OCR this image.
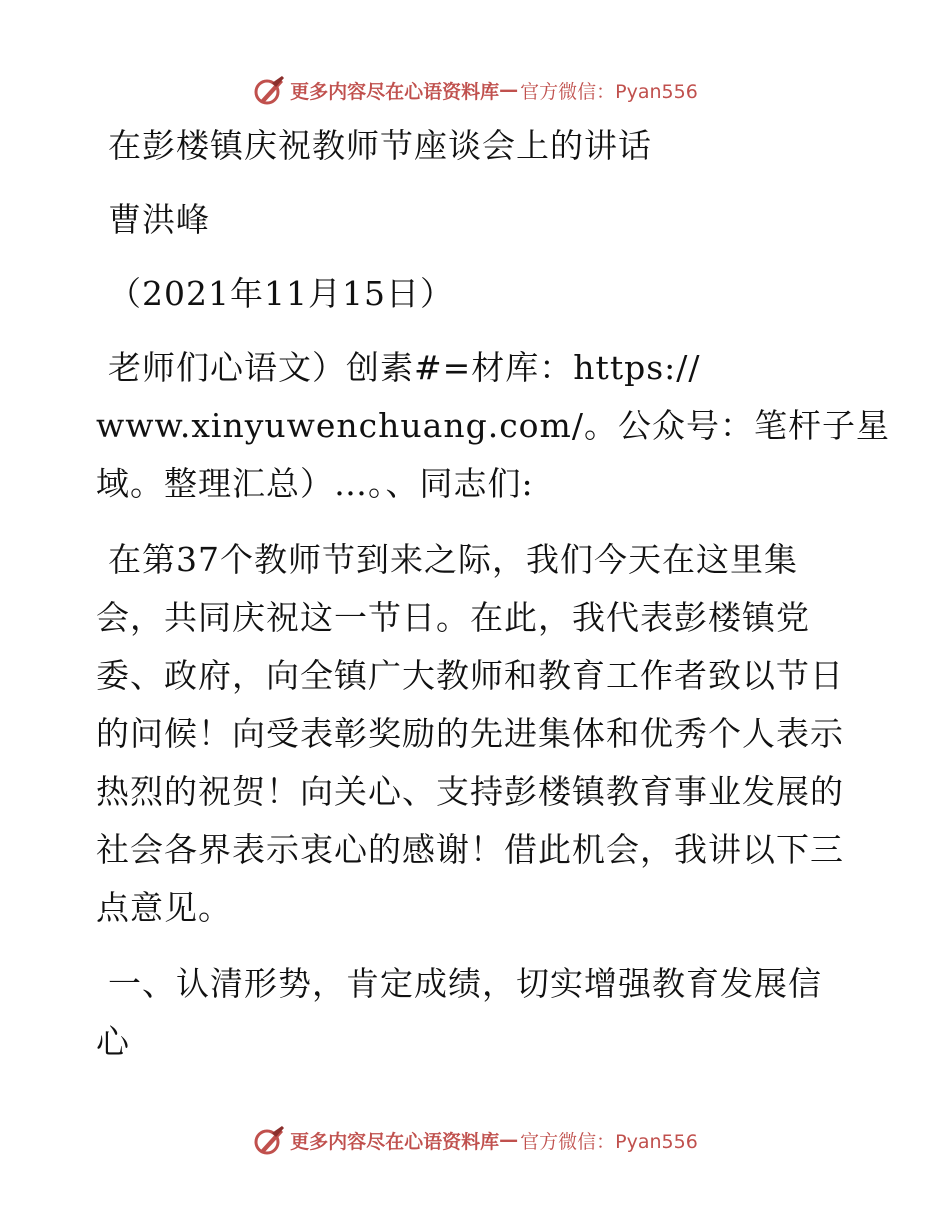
更多内容尽在心语资料库 — 官方微信：Pyan556
在彭楼镇庆祝教师节座谈会上的讲话
曹洪峰
（2021年11月15日）
老师们心语文）创素#=材库：https://
www.xinyuwenchuang.com/。公众号：笔杆子星
域。整理汇总）…。、同志们:
在第37个教师节到来之际，我们今天在这里集
会，共同庆祝这一节日。在此，我代表彭楼镇党
委、政府，向全镇广大教师和教育工作者致以节日
的问候！向受表彰奖励的先进集体和优秀个人表示
热烈的祝贺！向关心、支持彭楼镇教育事业发展的
社会各界表示衷心的感谢！借此机会，我讲以下三
点意见。
一、认清形势，肯定成绩，切实增强教育发展信
心
更多内容尽在心语资料库 — 官方微信：Pyan556
